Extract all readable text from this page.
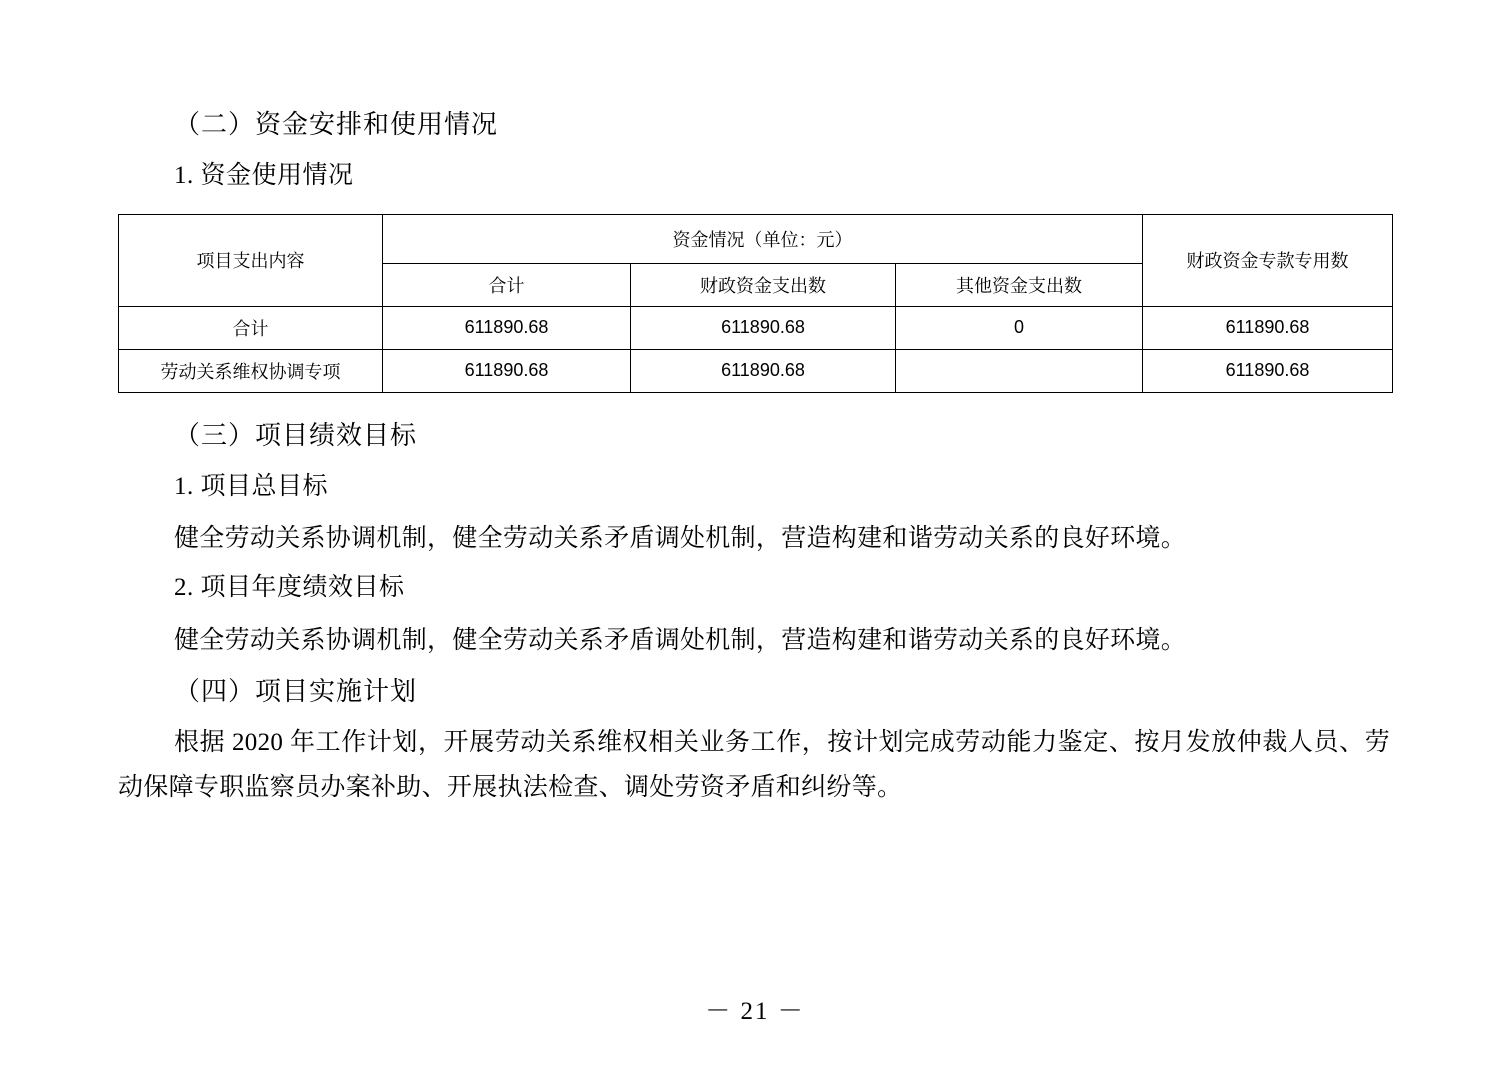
（二）资金安排和使用情况

1. 资金使用情况

项目支出内容	资金情况（单位：元）			财政资金专款专用数
	合计	财政资金支出数	其他资金支出数	
合计	611890.68	611890.68	0	611890.68
劳动关系维权协调专项	611890.68	611890.68		611890.68

（三）项目绩效目标

1. 项目总目标

健全劳动关系协调机制，健全劳动关系矛盾调处机制，营造构建和谐劳动关系的良好环境。

2. 项目年度绩效目标

健全劳动关系协调机制，健全劳动关系矛盾调处机制，营造构建和谐劳动关系的良好环境。

（四）项目实施计划

根据 2020 年工作计划，开展劳动关系维权相关业务工作，按计划完成劳动能力鉴定、按月发放仲裁人员、劳动保障专职监察员办案补助、开展执法检查、调处劳资矛盾和纠纷等。

－ 21 －
